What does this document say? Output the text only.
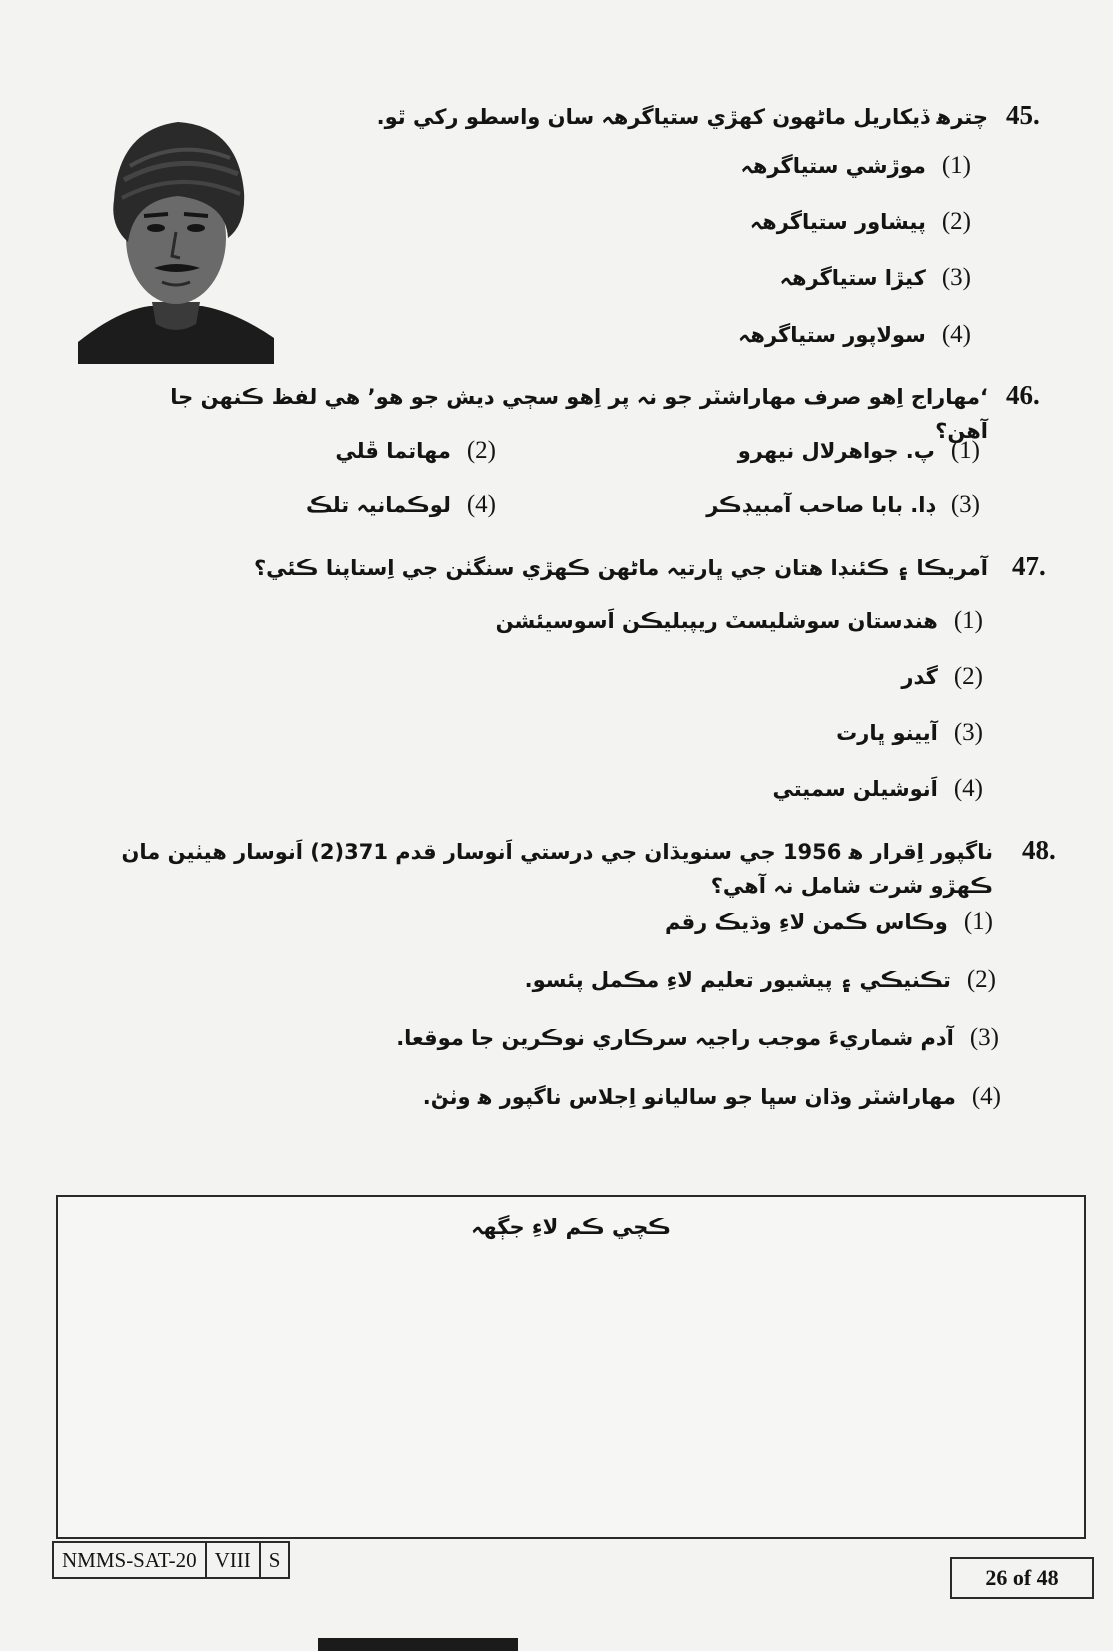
45.
چترﻫ ڏيکاريل ماڻهون کهڙي ستياگرهہ سان واسطو رکي ٿو.
(1)
موڙشي ستياگرهہ
(2)
پيشاور ستياگرهہ
(3)
کيڙا ستياگرهہ
(4)
سولاپور ستياگرهہ
46.
‘مهاراج اِهو صرف مهاراشٽر جو نہ پر اِهو سڄي ديش جو هو’ هي لفظ ڪنهن جا آهن؟
(1)
پ. جواهرلال نيهرو
(2)
مهاتما ڦلي
(3)
ڊا. بابا صاحب آمبيڊڪر
(4)
لوڪمانيہ تلڪ
47.
آمريڪا ۽ ڪئنڊا هتان جي ڀارتيہ ماڻهن ڪهڙي سنگٺن جي اِستاپنا ڪئي؟
(1)
هندستان سوشليسٽ ريپبليڪن اَسوسيئشن
(2)
گدر
(3)
آيينو ڀارت
(4)
اَنوشيلن سميتي
48.
ناگپور اِقرار ﻫ 1956 جي سنويڌان جي درستي اَنوسار قدم 371(2) اَنوسار هيٺين مان ڪهڙو شرت شامل نہ آهي؟
(1)
وڪاس ڪمن لاءِ وڌيڪ رقم
(2)
تڪنيڪي ۽ پيشيور تعليم لاءِ مڪمل پئسو.
(3)
آدم شماريءَ موجب راجيہ سرڪاري نوڪرين جا موقعا.
(4)
مهاراشٽر وڌان سڀا جو ساليانو اِجلاس ناگپور ﻫ وٺڻ.
ڪچي ڪم لاءِ جڳهہ
NMMS-SAT-20 VIII S
26 of 48
